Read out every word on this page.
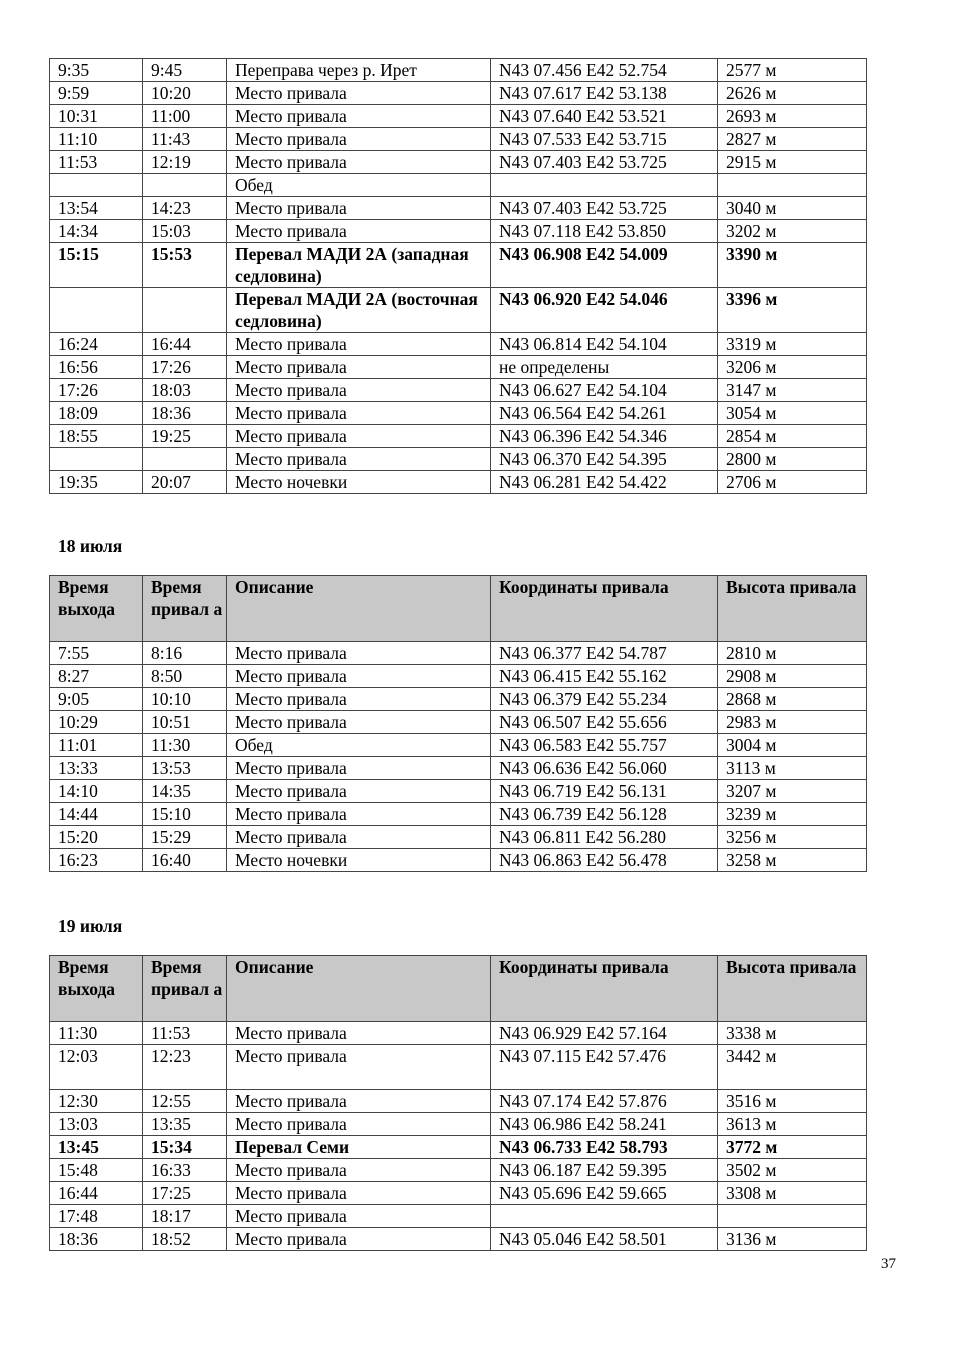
9:35	9:45	Переправа через р. Ирет	N43 07.456 E42 52.754	2577 м
9:59	10:20	Место привала	N43 07.617 E42 53.138	2626 м
10:31	11:00	Место привала	N43 07.640 E42 53.521	2693 м
11:10	11:43	Место привала	N43 07.533 E42 53.715	2827 м
11:53	12:19	Место привала	N43 07.403 E42 53.725	2915 м
		Обед		
13:54	14:23	Место привала	N43 07.403 E42 53.725	3040 м
14:34	15:03	Место привала	N43 07.118 E42 53.850	3202 м
15:15	15:53	Перевал МАДИ 2А (западная седловина)	N43 06.908 E42 54.009	3390 м
		Перевал МАДИ 2А (восточная седловина)	N43 06.920 E42 54.046	3396 м
16:24	16:44	Место привала	N43 06.814 E42 54.104	3319 м
16:56	17:26	Место привала	не определены	3206 м
17:26	18:03	Место привала	N43 06.627 E42 54.104	3147 м
18:09	18:36	Место привала	N43 06.564 E42 54.261	3054 м
18:55	19:25	Место привала	N43 06.396 E42 54.346	2854 м
		Место привала	N43 06.370 E42 54.395	2800 м
19:35	20:07	Место ночевки	N43 06.281 E42 54.422	2706 м
18 июля
Время выхода	Время привал а	Описание	Координаты привала	Высота привала
7:55	8:16	Место привала	N43 06.377 E42 54.787	2810 м
8:27	8:50	Место привала	N43 06.415 E42 55.162	2908 м
9:05	10:10	Место привала	N43 06.379 E42 55.234	2868 м
10:29	10:51	Место привала	N43 06.507 E42 55.656	2983 м
11:01	11:30	Обед	N43 06.583 E42 55.757	3004 м
13:33	13:53	Место привала	N43 06.636 E42 56.060	3113 м
14:10	14:35	Место привала	N43 06.719 E42 56.131	3207 м
14:44	15:10	Место привала	N43 06.739 E42 56.128	3239 м
15:20	15:29	Место привала	N43 06.811 E42 56.280	3256 м
16:23	16:40	Место ночевки	N43 06.863 E42 56.478	3258 м
19 июля
Время выхода	Время привал а	Описание	Координаты привала	Высота привала
11:30	11:53	Место привала	N43 06.929 E42 57.164	3338 м
12:03	12:23	Место привала	N43 07.115 E42 57.476	3442 м
12:30	12:55	Место привала	N43 07.174 E42 57.876	3516 м
13:03	13:35	Место привала	N43 06.986 E42 58.241	3613 м
13:45	15:34	Перевал Семи	N43 06.733 E42 58.793	3772 м
15:48	16:33	Место привала	N43 06.187 E42 59.395	3502 м
16:44	17:25	Место привала	N43 05.696 E42 59.665	3308 м
17:48	18:17	Место привала		
18:36	18:52	Место привала	N43 05.046 E42 58.501	3136 м
37
